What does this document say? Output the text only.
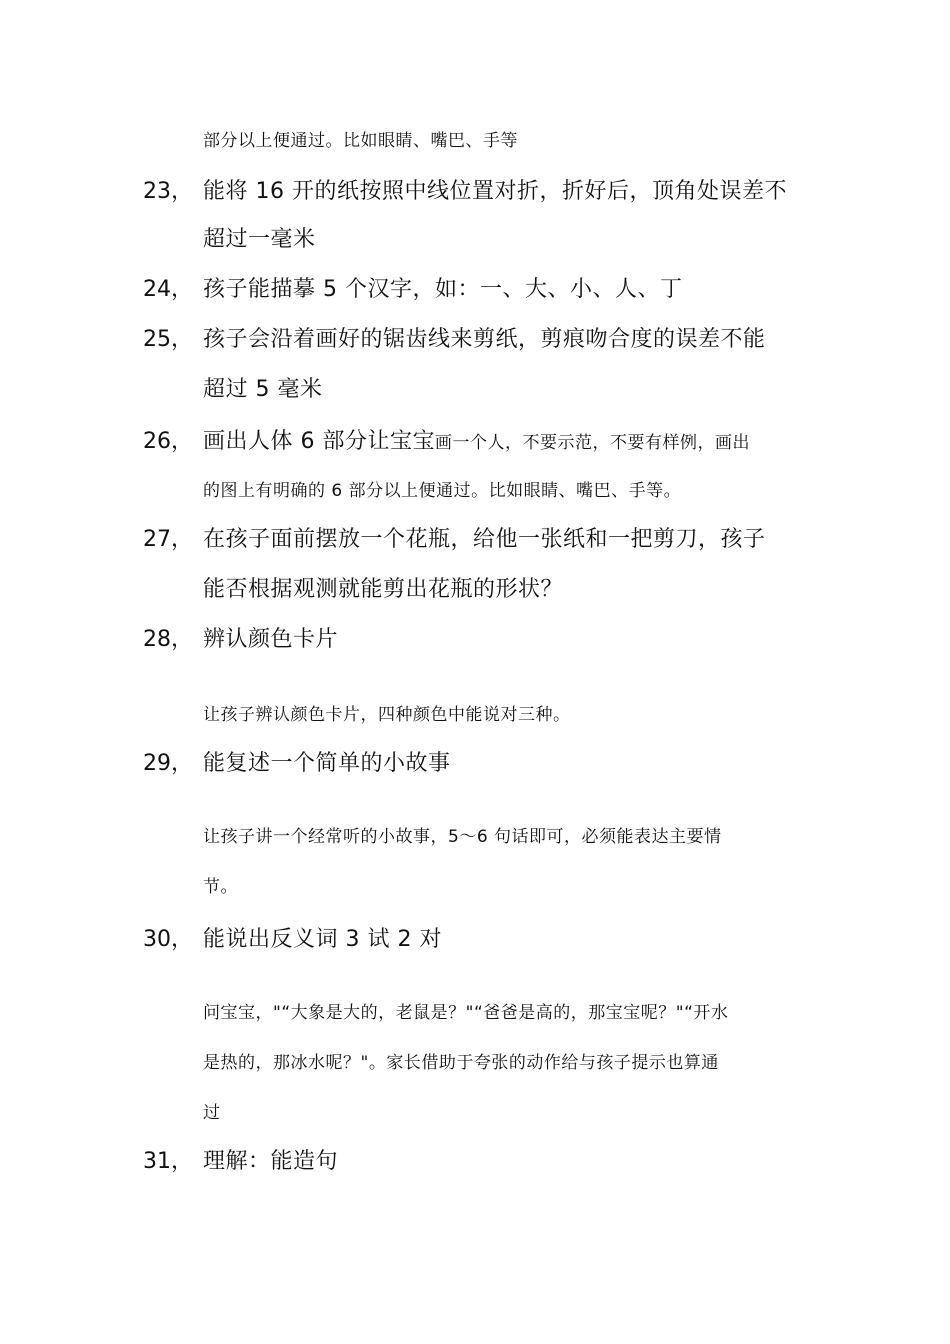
部分以上便通过。比如眼睛、嘴巴、手等
23， 能将 16 开的纸按照中线位置对折，折好后，顶角处误差不
超过一毫米
24， 孩子能描摹 5 个汉字，如：一、大、小、人、丁
25， 孩子会沿着画好的锯齿线来剪纸，剪痕吻合度的误差不能
超过 5 毫米
26， 画出人体 6 部分让宝宝画一个人，不要示范，不要有样例，画出
的图上有明确的 6 部分以上便通过。比如眼睛、嘴巴、手等。
27， 在孩子面前摆放一个花瓶，给他一张纸和一把剪刀，孩子
能否根据观测就能剪出花瓶的形状？
28， 辨认颜色卡片
让孩子辨认颜色卡片，四种颜色中能说对三种。
29， 能复述一个简单的小故事
让孩子讲一个经常听的小故事，5～6 句话即可，必须能表达主要情
节。
30， 能说出反义词 3 试 2 对
问宝宝，"“大象是大的，老鼠是？"“爸爸是高的，那宝宝呢？"“开水
是热的，那冰水呢？"。家长借助于夸张的动作给与孩子提示也算通
过
31， 理解：能造句
